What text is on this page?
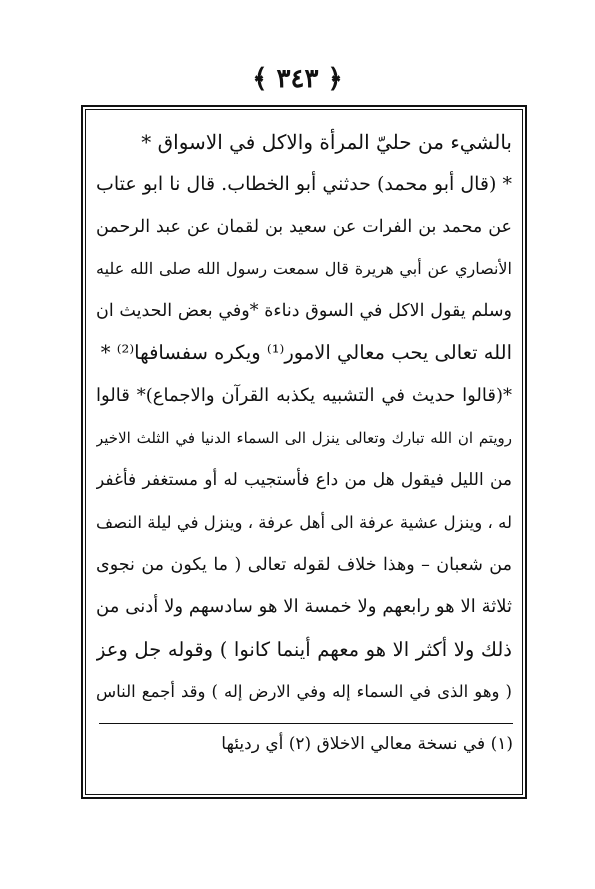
﴿ ٣٤٣ ﴾
بالشيء من حليّ المرأة والاكل في الاسواق *
* (قال أبو محمد) حدثني أبو الخطاب. قال نا ابو عتاب
عن محمد بن الفرات عن سعيد بن لقمان عن عبد الرحمن
الأنصاري عن أبي هريرة قال سمعت رسول الله صلى الله عليه
وسلم يقول الاكل في السوق دناءة *وفي بعض الحديث ان
الله تعالى يحب معالي الامور⁽¹⁾ ويكره سفسافها⁽²⁾ *
*(قالوا حديث في التشبيه يكذبه القرآن والاجماع)* قالوا
رويتم ان الله تبارك وتعالى ينزل الى السماء الدنيا في الثلث الاخير
من الليل فيقول هل من داع فأستجيب له أو مستغفر فأغفر
له ، وينزل عشية عرفة الى أهل عرفة ، وينزل في ليلة النصف
من شعبان – وهذا خلاف لقوله تعالى ( ما يكون من نجوى
ثلاثة الا هو رابعهم ولا خمسة الا هو سادسهم ولا أدنى من
ذلك ولا أكثر الا هو معهم أينما كانوا ) وقوله جل وعز
( وهو الذى في السماء إله وفي الارض إله ) وقد أجمع الناس
(١) في نسخة معالي الاخلاق (٢) أي رديئها
